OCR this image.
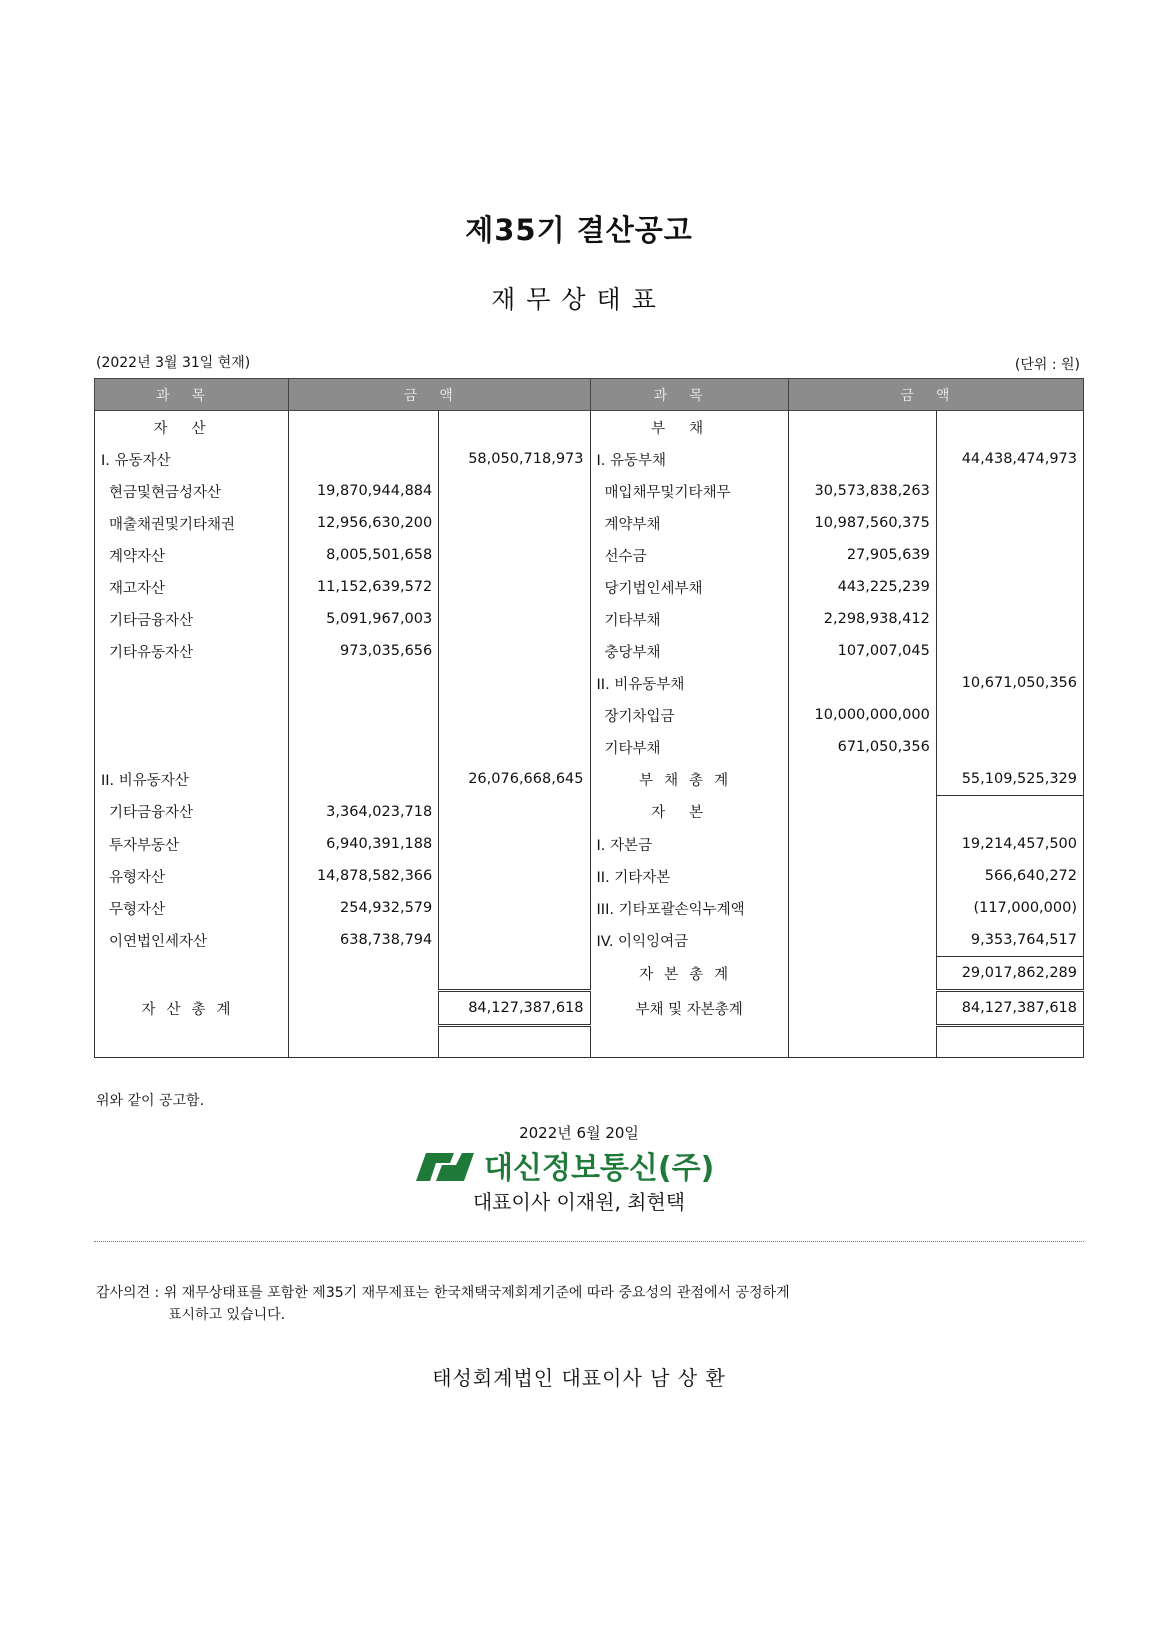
제35기 결산공고
재무상태표
(2022년 3월 31일 현재)	(단위 : 원)
과목	금액		과목	금액	
자산			부채		
I. 유동자산		58,050,718,973	I. 유동부채		44,438,474,973
현금및현금성자산	19,870,944,884		매입채무및기타채무	30,573,838,263	
매출채권및기타채권	12,956,630,200		계약부채	10,987,560,375	
계약자산	8,005,501,658		선수금	27,905,639	
재고자산	11,152,639,572		당기법인세부채	443,225,239	
기타금융자산	5,091,967,003		기타부채	2,298,938,412	
기타유동자산	973,035,656		충당부채	107,007,045	
			II. 비유동부채		10,671,050,356
			장기차입금	10,000,000,000	
			기타부채	671,050,356	
II. 비유동자산		26,076,668,645	부채총계		55,109,525,329
기타금융자산	3,364,023,718		자본		
투자부동산	6,940,391,188		I. 자본금		19,214,457,500
유형자산	14,878,582,366		II. 기타자본		566,640,272
무형자산	254,932,579		III. 기타포괄손익누계액		(117,000,000)
이연법인세자산	638,738,794		IV. 이익잉여금		9,353,764,517
			자본총계		29,017,862,289
자산총계		84,127,387,618	부채 및 자본총계		84,127,387,618

위와 같이 공고함.
2022년 6월 20일
대신정보통신(주)
대표이사 이재원, 최현택
감사의견 : 위 재무상태표를 포함한 제35기 재무제표는 한국채택국제회계기준에 따라 중요성의 관점에서 공정하게
표시하고 있습니다.
태성회계법인 대표이사 남 상 환
